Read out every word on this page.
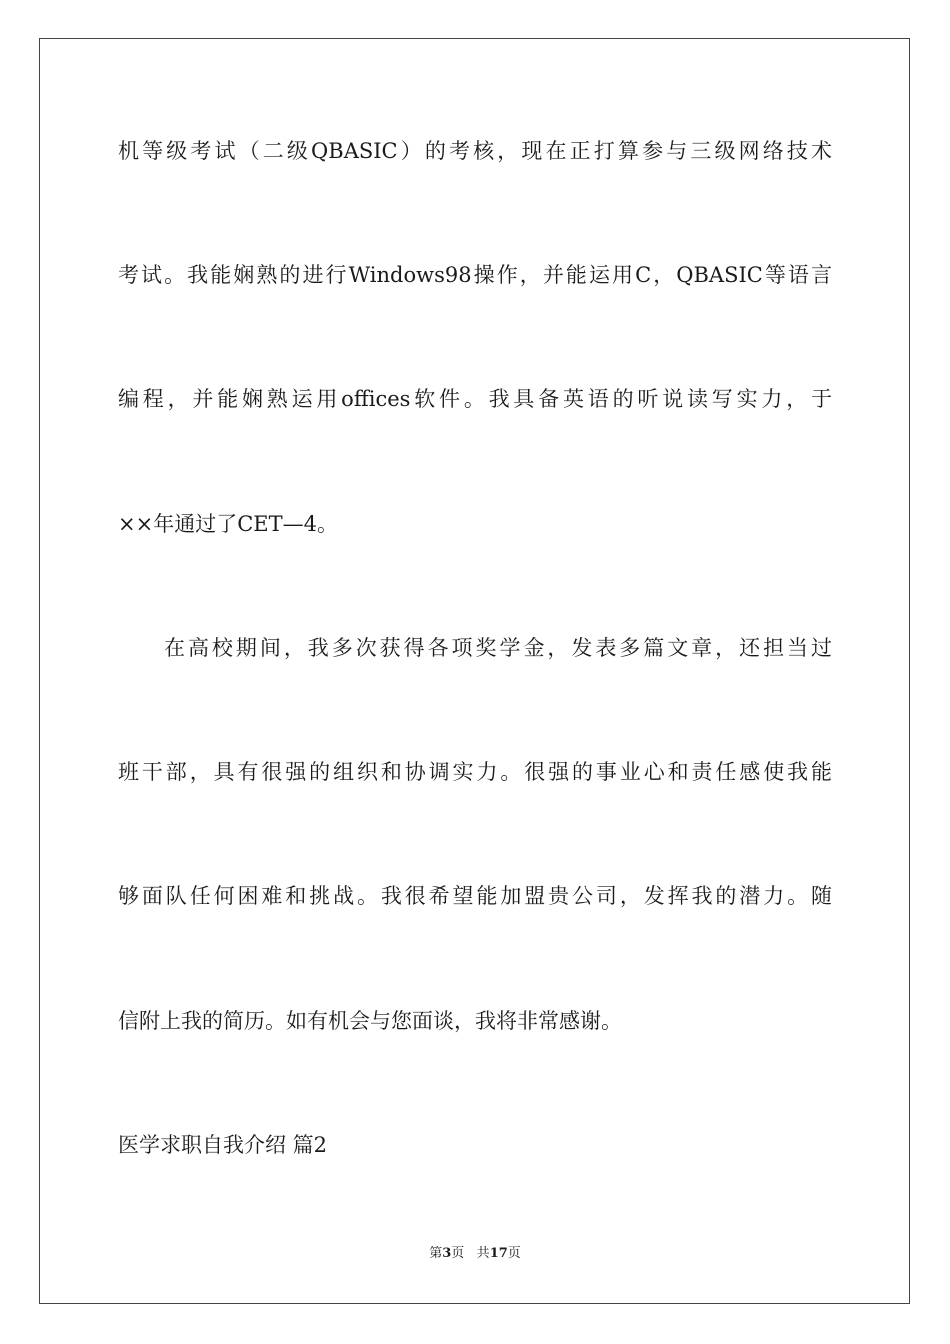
机等级考试（二级QBASIC）的考核，现在正打算参与三级网络技术
考试。我能娴熟的进行Windows98操作，并能运用C，QBASIC等语言
编程，并能娴熟运用offices软件。我具备英语的听说读写实力，于
××年通过了CET—4。
在高校期间，我多次获得各项奖学金，发表多篇文章，还担当过
班干部，具有很强的组织和协调实力。很强的事业心和责任感使我能
够面队任何困难和挑战。我很希望能加盟贵公司，发挥我的潜力。随
信附上我的简历。如有机会与您面谈，我将非常感谢。
医学求职自我介绍 篇2
第3页 共17页
